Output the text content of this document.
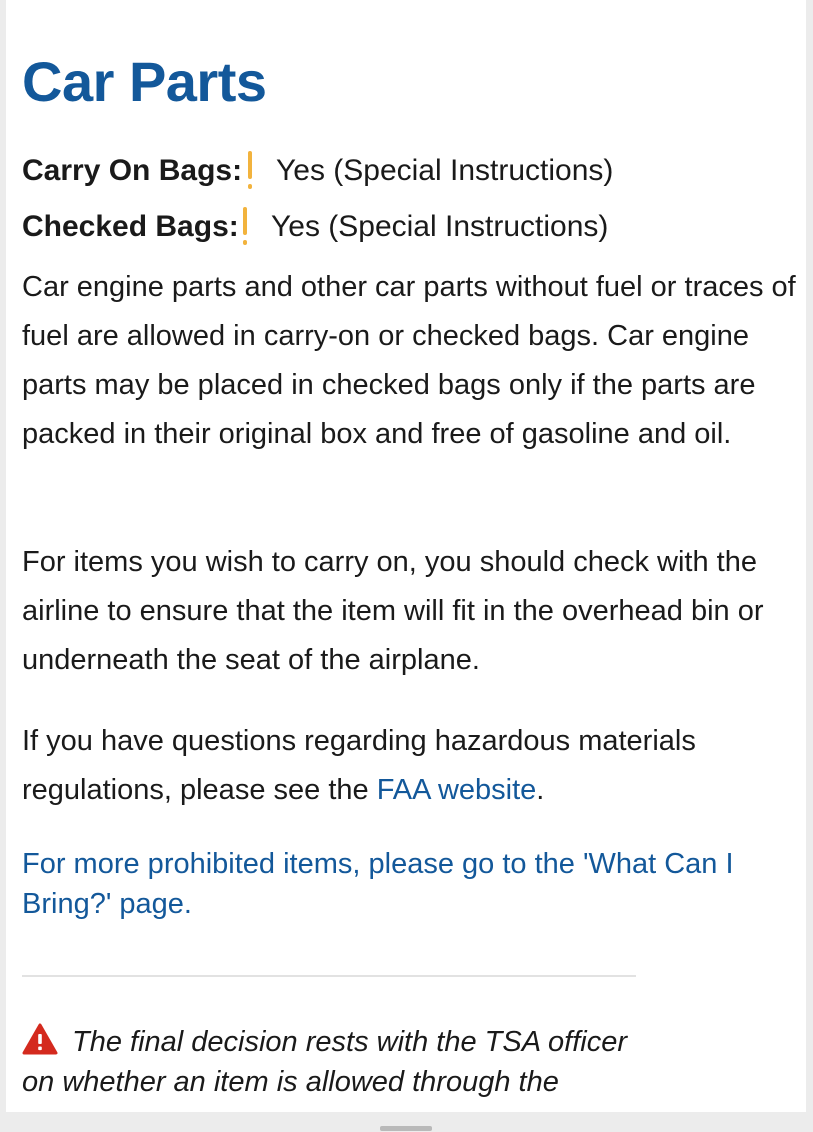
Car Parts
Carry On Bags: Yes (Special Instructions)
Checked Bags: Yes (Special Instructions)

Car engine parts and other car parts without fuel or traces of fuel are allowed in carry-on or checked bags. Car engine parts may be placed in checked bags only if the parts are packed in their original box and free of gasoline and oil.

For items you wish to carry on, you should check with the airline to ensure that the item will fit in the overhead bin or underneath the seat of the airplane.

If you have questions regarding hazardous materials regulations, please see the FAA website.

For more prohibited items, please go to the 'What Can I Bring?' page.

The final decision rests with the TSA officer on whether an item is allowed through the
